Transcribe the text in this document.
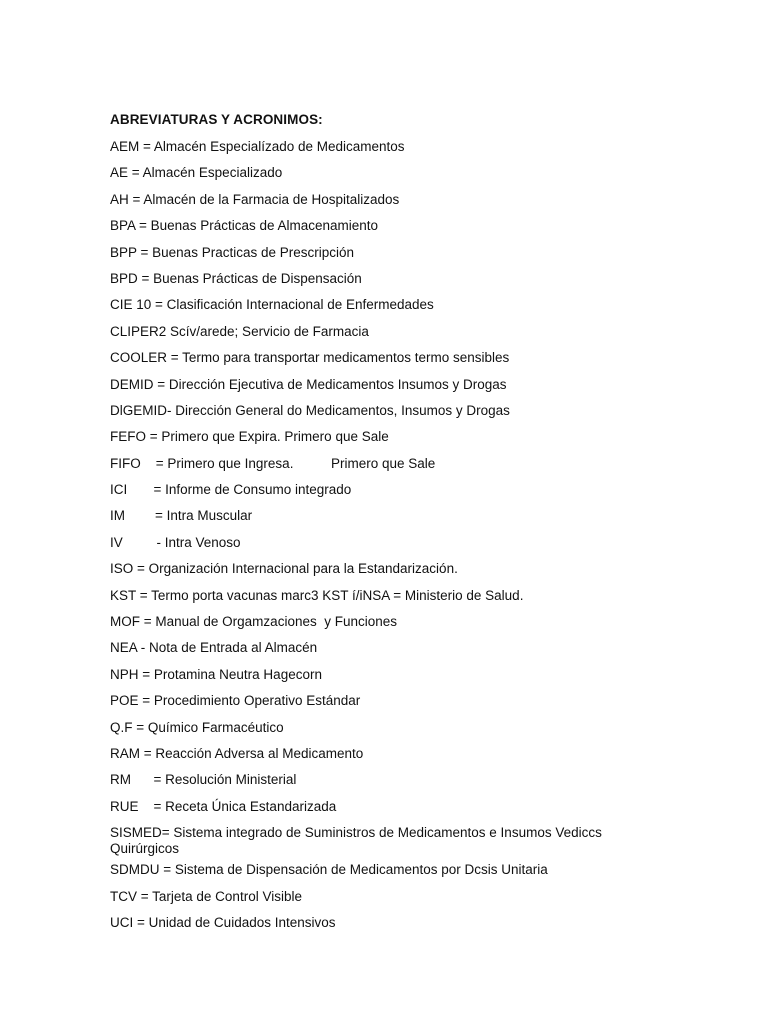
ABREVIATURAS Y ACRONIMOS:
AEM = Almacén Especialízado de Medicamentos
AE = Almacén Especializado
AH = Almacén de la Farmacia de Hospitalizados
BPA = Buenas Prácticas de Almacenamiento
BPP = Buenas Practicas de Prescripción
BPD = Buenas Prácticas de Dispensación
CIE 10 = Clasificación Internacional de Enfermedades
CLIPER2 Scív/arede; Servicio de Farmacia
COOLER = Termo para transportar medicamentos termo sensibles
DEMID = Dirección Ejecutiva de Medicamentos Insumos y Drogas
DlGEMID- Dirección General do Medicamentos, Insumos y Drogas
FEFO = Primero que Expira. Primero que Sale
FIFO    = Primero que Ingresa.          Primero que Sale
ICI       = Informe de Consumo integrado
IM        = Intra Muscular
IV         - Intra Venoso
ISO = Organización Internacional para la Estandarización.
KST = Termo porta vacunas marc3 KST í/iNSA = Ministerio de Salud.
MOF = Manual de Orgamzaciones  y Funciones
NEA - Nota de Entrada al Almacén
NPH = Protamina Neutra Hagecorn
POE = Procedimiento Operativo Estándar
Q.F = Químico Farmacéutico
RAM = Reacción Adversa al Medicamento
RM      = Resolución Ministerial
RUE    = Receta Única Estandarizada
SISMED= Sistema integrado de Suministros de Medicamentos e Insumos Vediccs Quirúrgicos
SDMDU = Sistema de Dispensación de Medicamentos por Dcsis Unitaria
TCV = Tarjeta de Control Visible
UCI = Unidad de Cuidados Intensivos
